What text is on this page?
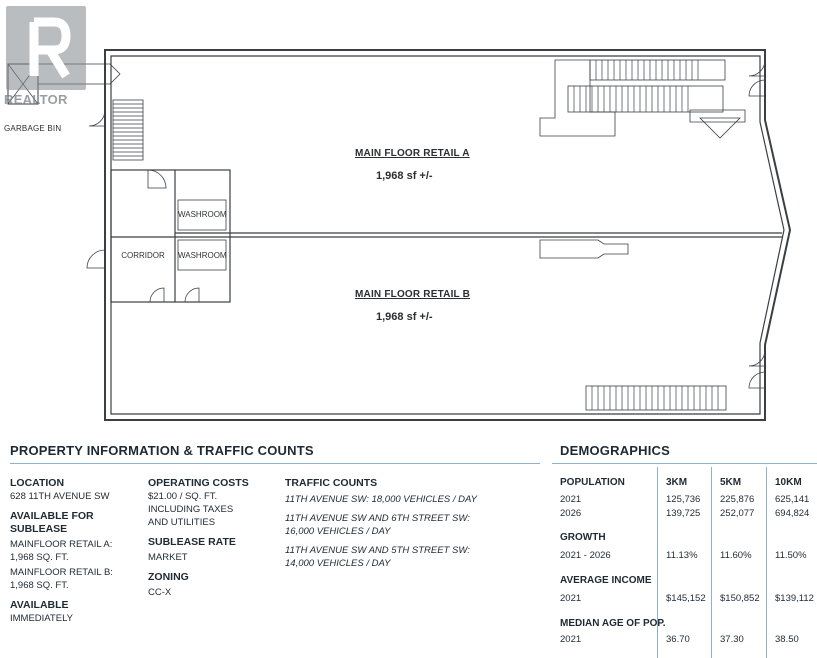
REALTOR
GARBAGE BIN
MAIN FLOOR RETAIL A
1,968 sf +/-
MAIN FLOOR RETAIL B
1,968 sf +/-
WASHROOM
WASHROOM
CORRIDOR
PROPERTY INFORMATION & TRAFFIC COUNTS
LOCATION
628 11TH AVENUE SW
AVAILABLE FOR
SUBLEASE
MAINFLOOR RETAIL A:
1,968 SQ. FT.
MAINFLOOR RETAIL B:
1,968 SQ. FT.
AVAILABLE
IMMEDIATELY
OPERATING COSTS
$21.00 / SQ. FT.
INCLUDING TAXES
AND UTILITIES
SUBLEASE RATE
MARKET
ZONING
CC-X
TRAFFIC COUNTS
11TH AVENUE SW: 18,000 VEHICLES / DAY
11TH AVENUE SW AND 6TH STREET SW:
16,000 VEHICLES / DAY
11TH AVENUE SW AND 5TH STREET SW:
14,000 VEHICLES / DAY
DEMOGRAPHICS
POPULATION	3KM	5KM	10KM
2021	125,736 225,876 625,141
2026	139,725 252,077 694,824
GROWTH
2021 - 2026	11.13% 11.60% 11.50%
AVERAGE INCOME
2021	$145,152 $150,852 $139,112
MEDIAN AGE OF POP.
2021	36.70	37.30	38.50
